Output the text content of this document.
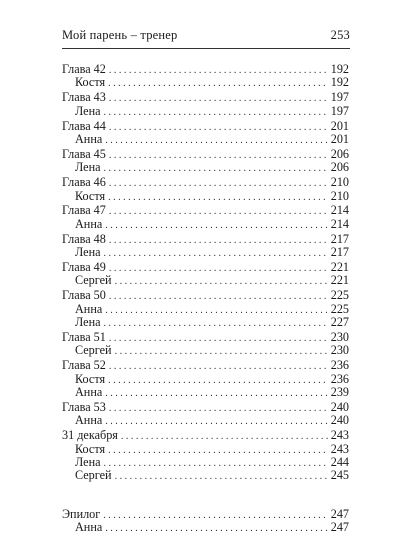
Мой парень – тренер	253
Глава 42 . . .	192
Костя . . .	192
Глава 43 . . .	197
Лена . . .	197
Глава 44 . . .	201
Анна . . .	201
Глава 45 . . .	206
Лена . . .	206
Глава 46 . . .	210
Костя . . .	210
Глава 47 . . .	214
Анна . . .	214
Глава 48 . . .	217
Лена . . .	217
Глава 49 . . .	221
Сергей . . .	221
Глава 50 . . .	225
Анна . . .	225
Лена . . .	227
Глава 51 . . .	230
Сергей . . .	230
Глава 52 . . .	236
Костя . . .	236
Анна . . .	239
Глава 53 . . .	240
Анна . . .	240
31 декабря . . .	243
Костя . . .	243
Лена . . .	244
Сергей . . .	245
Эпилог . . .	247
Анна . . .	247
